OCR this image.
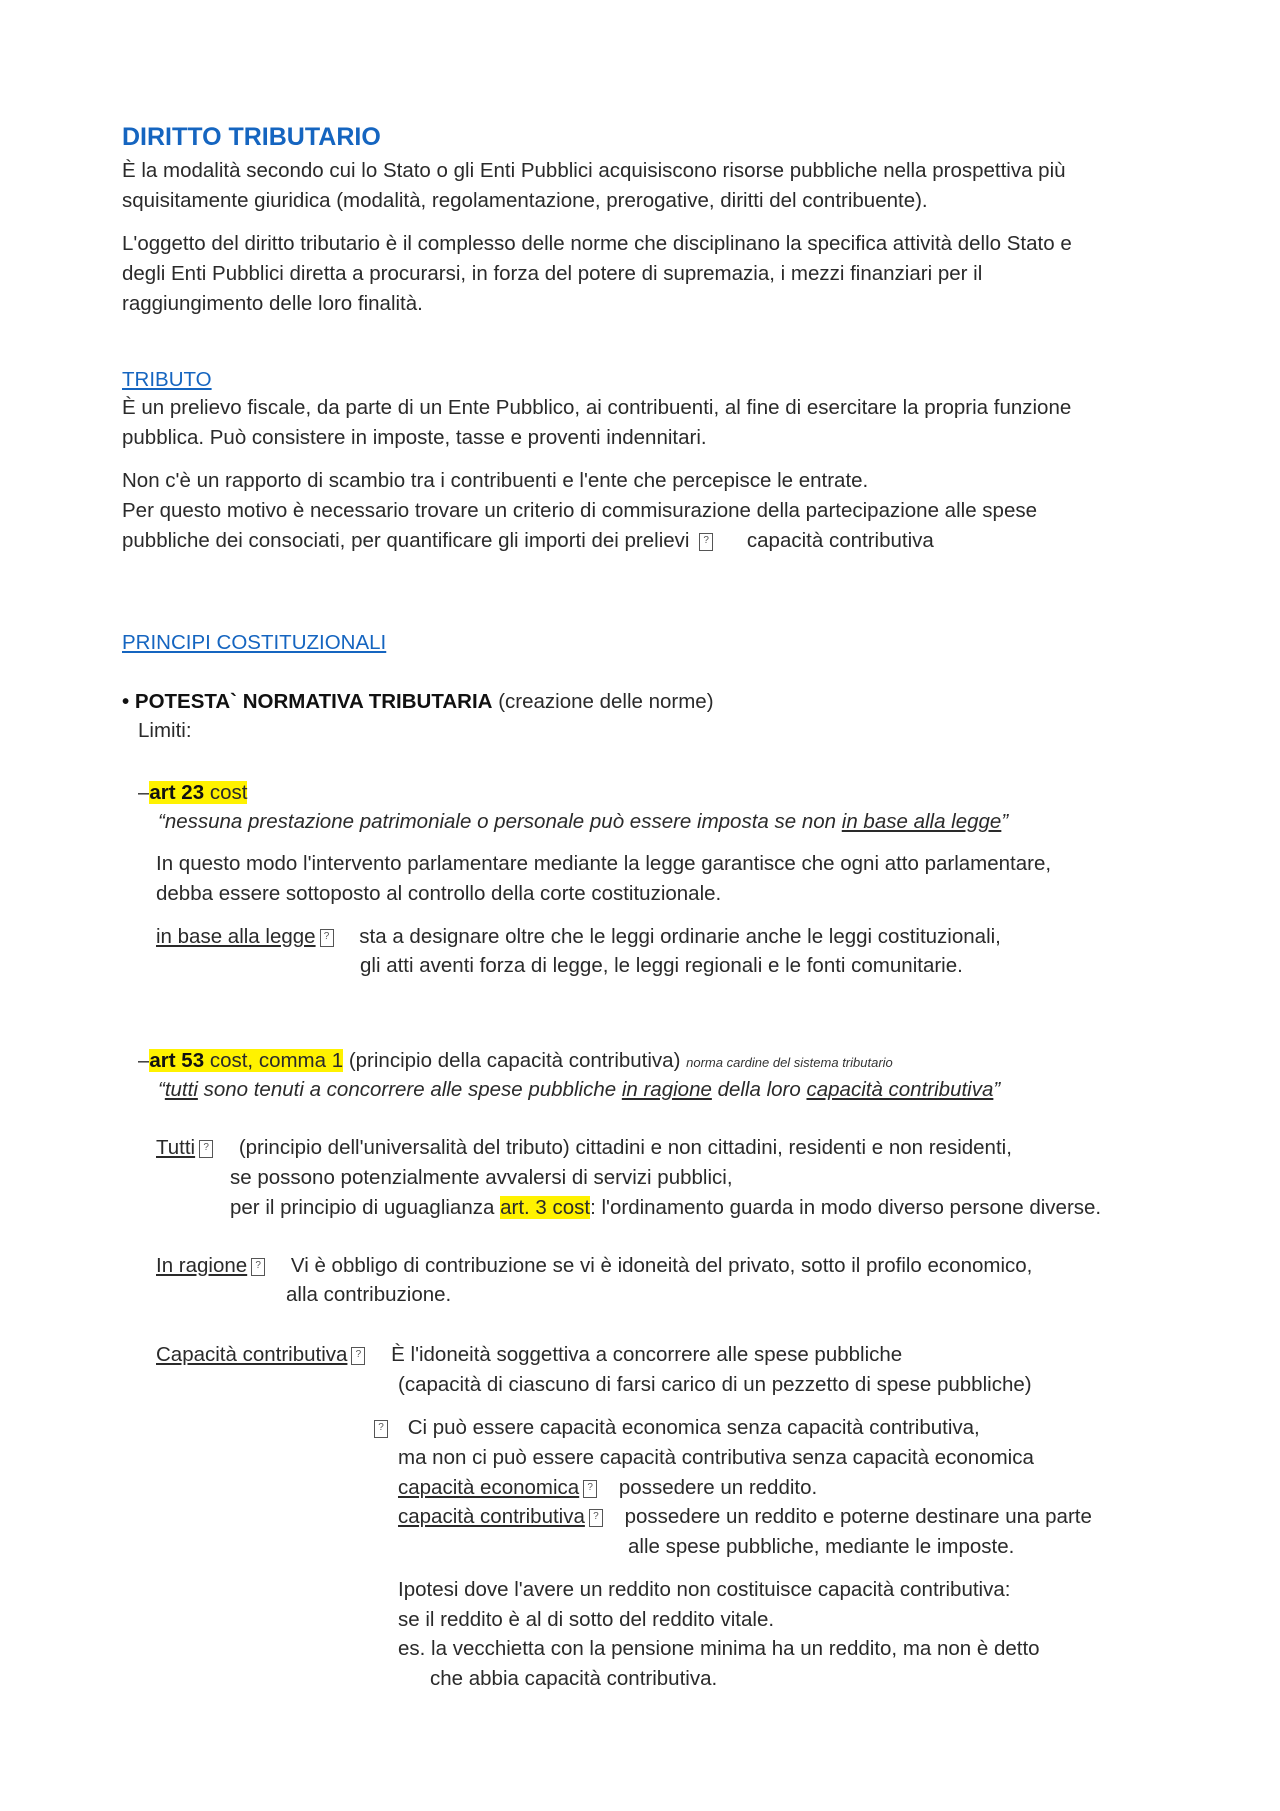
DIRITTO TRIBUTARIO
È la modalità secondo cui lo Stato o gli Enti Pubblici acquisiscono risorse pubbliche nella prospettiva più
squisitamente giuridica (modalità, regolamentazione, prerogative, diritti del contribuente).
L'oggetto del diritto tributario è il complesso delle norme che disciplinano la specifica attività dello Stato e
degli Enti Pubblici diretta a procurarsi, in forza del potere di supremazia, i mezzi finanziari per il
raggiungimento delle loro finalità.
TRIBUTO
È un prelievo fiscale, da parte di un Ente Pubblico, ai contribuenti, al fine di esercitare la propria funzione
pubblica. Può consistere in imposte, tasse e proventi indennitari.
Non c'è un rapporto di scambio tra i contribuenti e l'ente che percepisce le entrate.
Per questo motivo è necessario trovare un criterio di commisurazione della partecipazione alle spese
pubbliche dei consociati, per quantificare gli importi dei prelievi ? capacità contributiva
PRINCIPI COSTITUZIONALI
• POTESTA` NORMATIVA TRIBUTARIA (creazione delle norme)
Limiti:
–art 23 cost
“nessuna prestazione patrimoniale o personale può essere imposta se non in base alla legge”
In questo modo l'intervento parlamentare mediante la legge garantisce che ogni atto parlamentare,
debba essere sottoposto al controllo della corte costituzionale.
in base alla legge ? sta a designare oltre che le leggi ordinarie anche le leggi costituzionali,
gli atti aventi forza di legge, le leggi regionali e le fonti comunitarie.
–art 53 cost, comma 1 (principio della capacità contributiva) norma cardine del sistema tributario
“tutti sono tenuti a concorrere alle spese pubbliche in ragione della loro capacità contributiva”
Tutti ? (principio dell'universalità del tributo) cittadini e non cittadini, residenti e non residenti,
se possono potenzialmente avvalersi di servizi pubblici,
per il principio di uguaglianza art. 3 cost: l'ordinamento guarda in modo diverso persone diverse.
In ragione ? Vi è obbligo di contribuzione se vi è idoneità del privato, sotto il profilo economico,
alla contribuzione.
Capacità contributiva ? È l'idoneità soggettiva a concorrere alle spese pubbliche
(capacità di ciascuno di farsi carico di un pezzetto di spese pubbliche)
? Ci può essere capacità economica senza capacità contributiva,
ma non ci può essere capacità contributiva senza capacità economica
capacità economica ? possedere un reddito.
capacità contributiva ? possedere un reddito e poterne destinare una parte
alle spese pubbliche, mediante le imposte.
Ipotesi dove l'avere un reddito non costituisce capacità contributiva:
se il reddito è al di sotto del reddito vitale.
es. la vecchietta con la pensione minima ha un reddito, ma non è detto
che abbia capacità contributiva.
